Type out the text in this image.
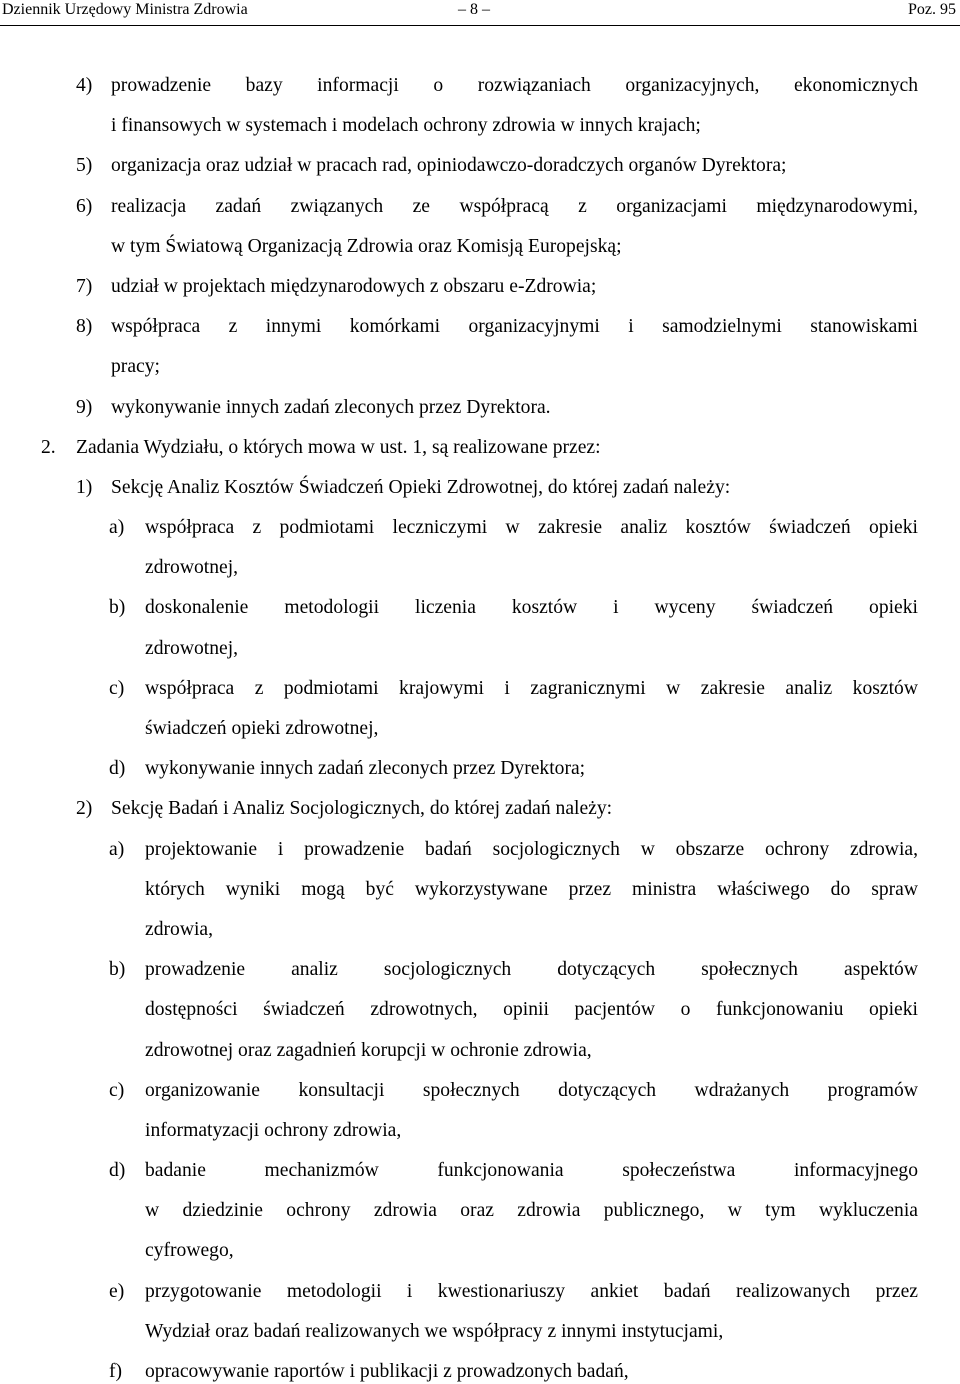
Dziennik Urzędowy Ministra Zdrowia	– 8 –	Poz. 95
4) prowadzenie bazy informacji o rozwiązaniach organizacyjnych, ekonomicznych
i finansowych w systemach i modelach ochrony zdrowia w innych krajach;
5) organizacja oraz udział w pracach rad, opiniodawczo-doradczych organów Dyrektora;
6) realizacja zadań związanych ze współpracą z organizacjami międzynarodowymi,
w tym Światową Organizacją Zdrowia oraz Komisją Europejską;
7) udział w projektach międzynarodowych z obszaru e-Zdrowia;
8) współpraca z innymi komórkami organizacyjnymi i samodzielnymi stanowiskami
pracy;
9) wykonywanie innych zadań zleconych przez Dyrektora.
2. Zadania Wydziału, o których mowa w ust. 1, są realizowane przez:
1) Sekcję Analiz Kosztów Świadczeń Opieki Zdrowotnej, do której zadań należy:
a) współpraca z podmiotami leczniczymi w zakresie analiz kosztów świadczeń opieki
zdrowotnej,
b) doskonalenie metodologii liczenia kosztów i wyceny świadczeń opieki
zdrowotnej,
c) współpraca z podmiotami krajowymi i zagranicznymi w zakresie analiz kosztów
świadczeń opieki zdrowotnej,
d) wykonywanie innych zadań zleconych przez Dyrektora;
2) Sekcję Badań i Analiz Socjologicznych, do której zadań należy:
a) projektowanie i prowadzenie badań socjologicznych w obszarze ochrony zdrowia,
których wyniki mogą być wykorzystywane przez ministra właściwego do spraw
zdrowia,
b) prowadzenie analiz socjologicznych dotyczących społecznych aspektów
dostępności świadczeń zdrowotnych, opinii pacjentów o funkcjonowaniu opieki
zdrowotnej oraz zagadnień korupcji w ochronie zdrowia,
c) organizowanie konsultacji społecznych dotyczących wdrażanych programów
informatyzacji ochrony zdrowia,
d) badanie mechanizmów funkcjonowania społeczeństwa informacyjnego
w dziedzinie ochrony zdrowia oraz zdrowia publicznego, w tym wykluczenia
cyfrowego,
e) przygotowanie metodologii i kwestionariuszy ankiet badań realizowanych przez
Wydział oraz badań realizowanych we współpracy z innymi instytucjami,
f) opracowywanie raportów i publikacji z prowadzonych badań,
